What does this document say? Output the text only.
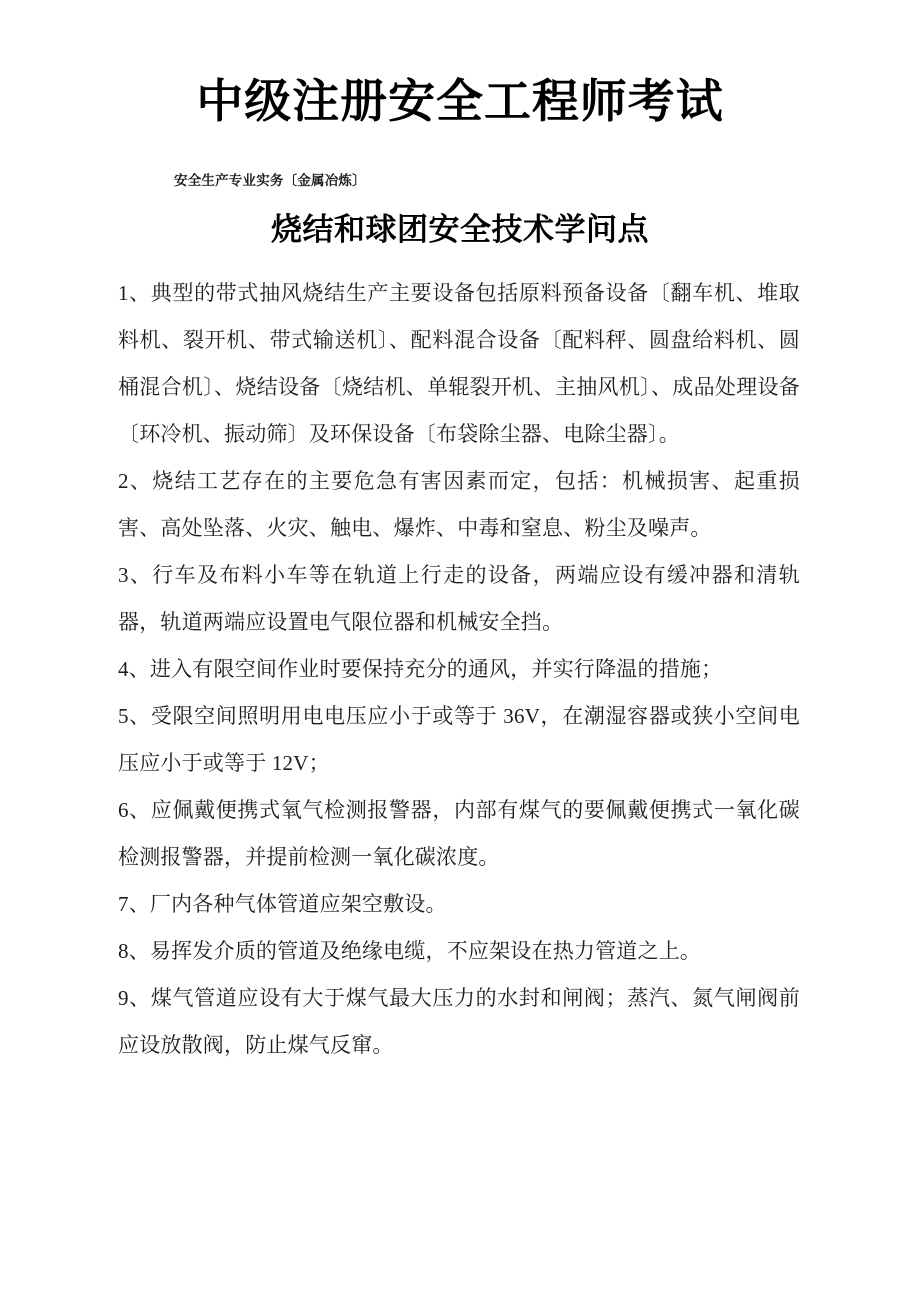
中级注册安全工程师考试

安全生产专业实务〔金属冶炼〕

烧结和球团安全技术学问点
1、典型的带式抽风烧结生产主要设备包括原料预备设备〔翻车机、堆取料机、裂开机、带式输送机〕、配料混合设备〔配料秤、圆盘给料机、圆桶混合机〕、烧结设备〔烧结机、单辊裂开机、主抽风机〕、成品处理设备〔环冷机、振动筛〕及环保设备〔布袋除尘器、电除尘器〕。
2、烧结工艺存在的主要危急有害因素而定，包括：机械损害、起重损害、高处坠落、火灾、触电、爆炸、中毒和窒息、粉尘及噪声。
3、行车及布料小车等在轨道上行走的设备，两端应设有缓冲器和清轨器，轨道两端应设置电气限位器和机械安全挡。
4、进入有限空间作业时要保持充分的通风，并实行降温的措施；
5、受限空间照明用电电压应小于或等于 36V，在潮湿容器或狭小空间电压应小于或等于 12V；
6、应佩戴便携式氧气检测报警器，内部有煤气的要佩戴便携式一氧化碳检测报警器，并提前检测一氧化碳浓度。
7、厂内各种气体管道应架空敷设。
8、易挥发介质的管道及绝缘电缆，不应架设在热力管道之上。
9、煤气管道应设有大于煤气最大压力的水封和闸阀；蒸汽、氮气闸阀前应设放散阀，防止煤气反窜。
